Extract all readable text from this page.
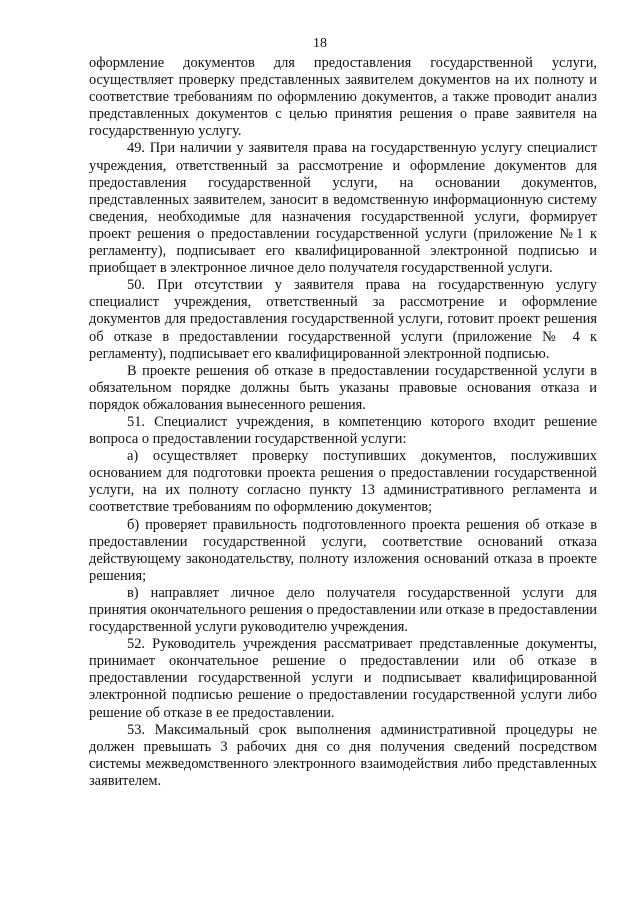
18

оформление документов для предоставления государственной услуги, осуществляет проверку представленных заявителем документов на их полноту и соответствие требованиям по оформлению документов, а также проводит анализ представленных документов с целью принятия решения о праве заявителя на государственную услугу.

49. При наличии у заявителя права на государственную услугу специалист учреждения, ответственный за рассмотрение и оформление документов для предоставления государственной услуги, на основании документов, представленных заявителем, заносит в ведомственную информационную систему сведения, необходимые для назначения государственной услуги, формирует проект решения о предоставлении государственной услуги (приложение №1 к регламенту), подписывает его квалифицированной электронной подписью и приобщает в электронное личное дело получателя государственной услуги.

50. При отсутствии у заявителя права на государственную услугу специалист учреждения, ответственный за рассмотрение и оформление документов для предоставления государственной услуги, готовит проект решения об отказе в предоставлении государственной услуги (приложение № 4 к регламенту), подписывает его квалифицированной электронной подписью.

В проекте решения об отказе в предоставлении государственной услуги в обязательном порядке должны быть указаны правовые основания отказа и порядок обжалования вынесенного решения.

51. Специалист учреждения, в компетенцию которого входит решение вопроса о предоставлении государственной услуги:

а) осуществляет проверку поступивших документов, послуживших основанием для подготовки проекта решения о предоставлении государственной услуги, на их полноту согласно пункту 13 административного регламента и соответствие требованиям по оформлению документов;

б) проверяет правильность подготовленного проекта решения об отказе в предоставлении государственной услуги, соответствие оснований отказа действующему законодательству, полноту изложения оснований отказа в проекте решения;

в) направляет личное дело получателя государственной услуги для принятия окончательного решения о предоставлении или отказе в предоставлении государственной услуги руководителю учреждения.

52. Руководитель учреждения рассматривает представленные документы, принимает окончательное решение о предоставлении или об отказе в предоставлении государственной услуги и подписывает квалифицированной электронной подписью решение о предоставлении государственной услуги либо решение об отказе в ее предоставлении.

53. Максимальный срок выполнения административной процедуры не должен превышать 3 рабочих дня со дня получения сведений посредством системы межведомственного электронного взаимодействия либо представленных заявителем.
